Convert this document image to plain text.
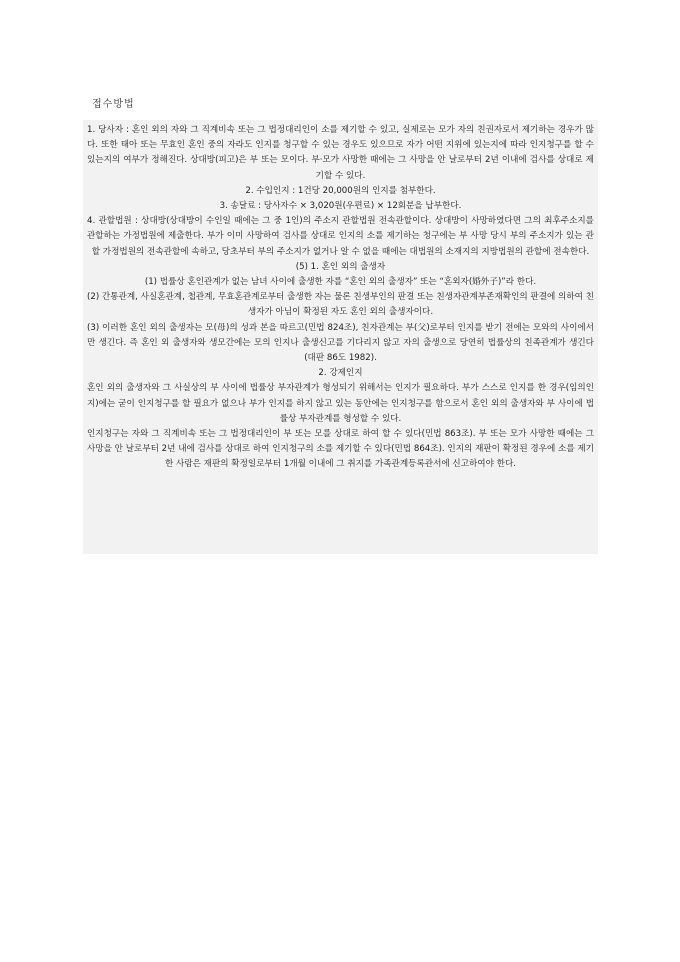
접수방법

1. 당사자 : 혼인 외의 자와 그 직계비속 또는 그 법정대리인이 소를 제기할 수 있고, 실제로는 모가 자의 친권자로서 제기하는 경우가 많다. 또한 태아 또는 무효인 혼인 중의 자라도 인지를 청구할 수 있는 경우도 있으므로 자가 어떤 지위에 있는지에 따라 인지청구를 할 수 있는지의 여부가 정해진다. 상대방(피고)은 부 또는 모이다. 부·모가 사망한 때에는 그 사망을 안 날로부터 2년 이내에 검사를 상대로 제기할 수 있다.

2. 수입인지 : 1건당 20,000원의 인지를 첨부한다.

3. 송달료 : 당사자수 × 3,020원(우편료) × 12회분을 납부한다.

4. 관할법원 : 상대방(상대방이 수인일 때에는 그 중 1인)의 주소지 관할법원 전속관할이다. 상대방이 사망하였다면 그의 최후주소지를 관할하는 가정법원에 제출한다. 부가 이미 사망하여 검사를 상대로 인지의 소를 제기하는 청구에는 부 사망 당시 부의 주소지가 있는 관할 가정법원의 전속관할에 속하고, 당초부터 부의 주소지가 없거나 알 수 없을 때에는 대법원의 소재지의 지방법원의 관할에 전속한다.

(5) 1. 혼인 외의 출생자

(1) 법률상 혼인관계가 없는 남녀 사이에 출생한 자를 “혼인 외의 출생자” 또는 “혼외자(婚外子)”라 한다.

(2) 간통관계, 사실혼관계, 첩관계, 무효혼관계로부터 출생한 자는 물론 친생부인의 판결 또는 친생자관계부존재확인의 판결에 의하여 친생자가 아님이 확정된 자도 혼인 외의 출생자이다.

(3) 이러한 혼인 외의 출생자는 모(母)의 성과 본을 따르고(민법 824조), 친자관계는 부(父)로부터 인지를 받기 전에는 모와의 사이에서만 생긴다. 즉 혼인 외 출생자와 생모간에는 모의 인지나 출생신고를 기다리지 않고 자의 출생으로 당연히 법률상의 친족관계가 생긴다(대판 86도 1982).

2. 강제인지

혼인 외의 출생자와 그 사실상의 부 사이에 법률상 부자관계가 형성되기 위해서는 인지가 필요하다. 부가 스스로 인지를 한 경우(임의인지)에는 굳이 인지청구를 할 필요가 없으나 부가 인지를 하지 않고 있는 동안에는 인지청구를 함으로서 혼인 외의 출생자와 부 사이에 법률상 부자관계를 형성할 수 있다.

인지청구는 자와 그 직계비속 또는 그 법정대리인이 부 또는 모를 상대로 하여 할 수 있다(민법 863조). 부 또는 모가 사망한 때에는 그 사망을 안 날로부터 2년 내에 검사를 상대로 하여 인지청구의 소를 제기할 수 있다(민법 864조). 인지의 재판이 확정된 경우에 소를 제기한 사람은 재판의 확정일로부터 1개월 이내에 그 취지를 가족관계등록관서에 신고하여야 한다.
